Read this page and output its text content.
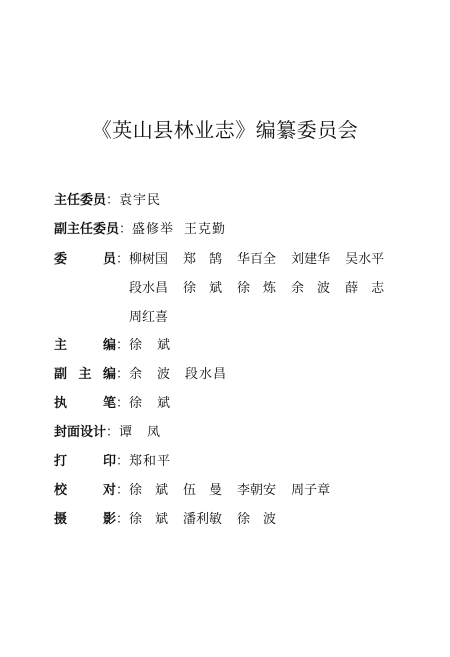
《英山县林业志》编纂委员会
主任委员：袁宇民
副主任委员：盛修举 王克勤
委	员 ：柳树国 郑　鹄 华百全 刘建华 吴水平
段水昌 徐　斌 徐　炼 余　波 薛　志
周红喜
主	编 ：徐　斌
副 主 编 ：余　波 段水昌
执	笔 ：徐　斌
封面设计：谭　凤
打	印 ：郑和平
校	对 ：徐　斌 伍　曼 李朝安 周子章
摄	影 ：徐　斌 潘利敏 徐　波
